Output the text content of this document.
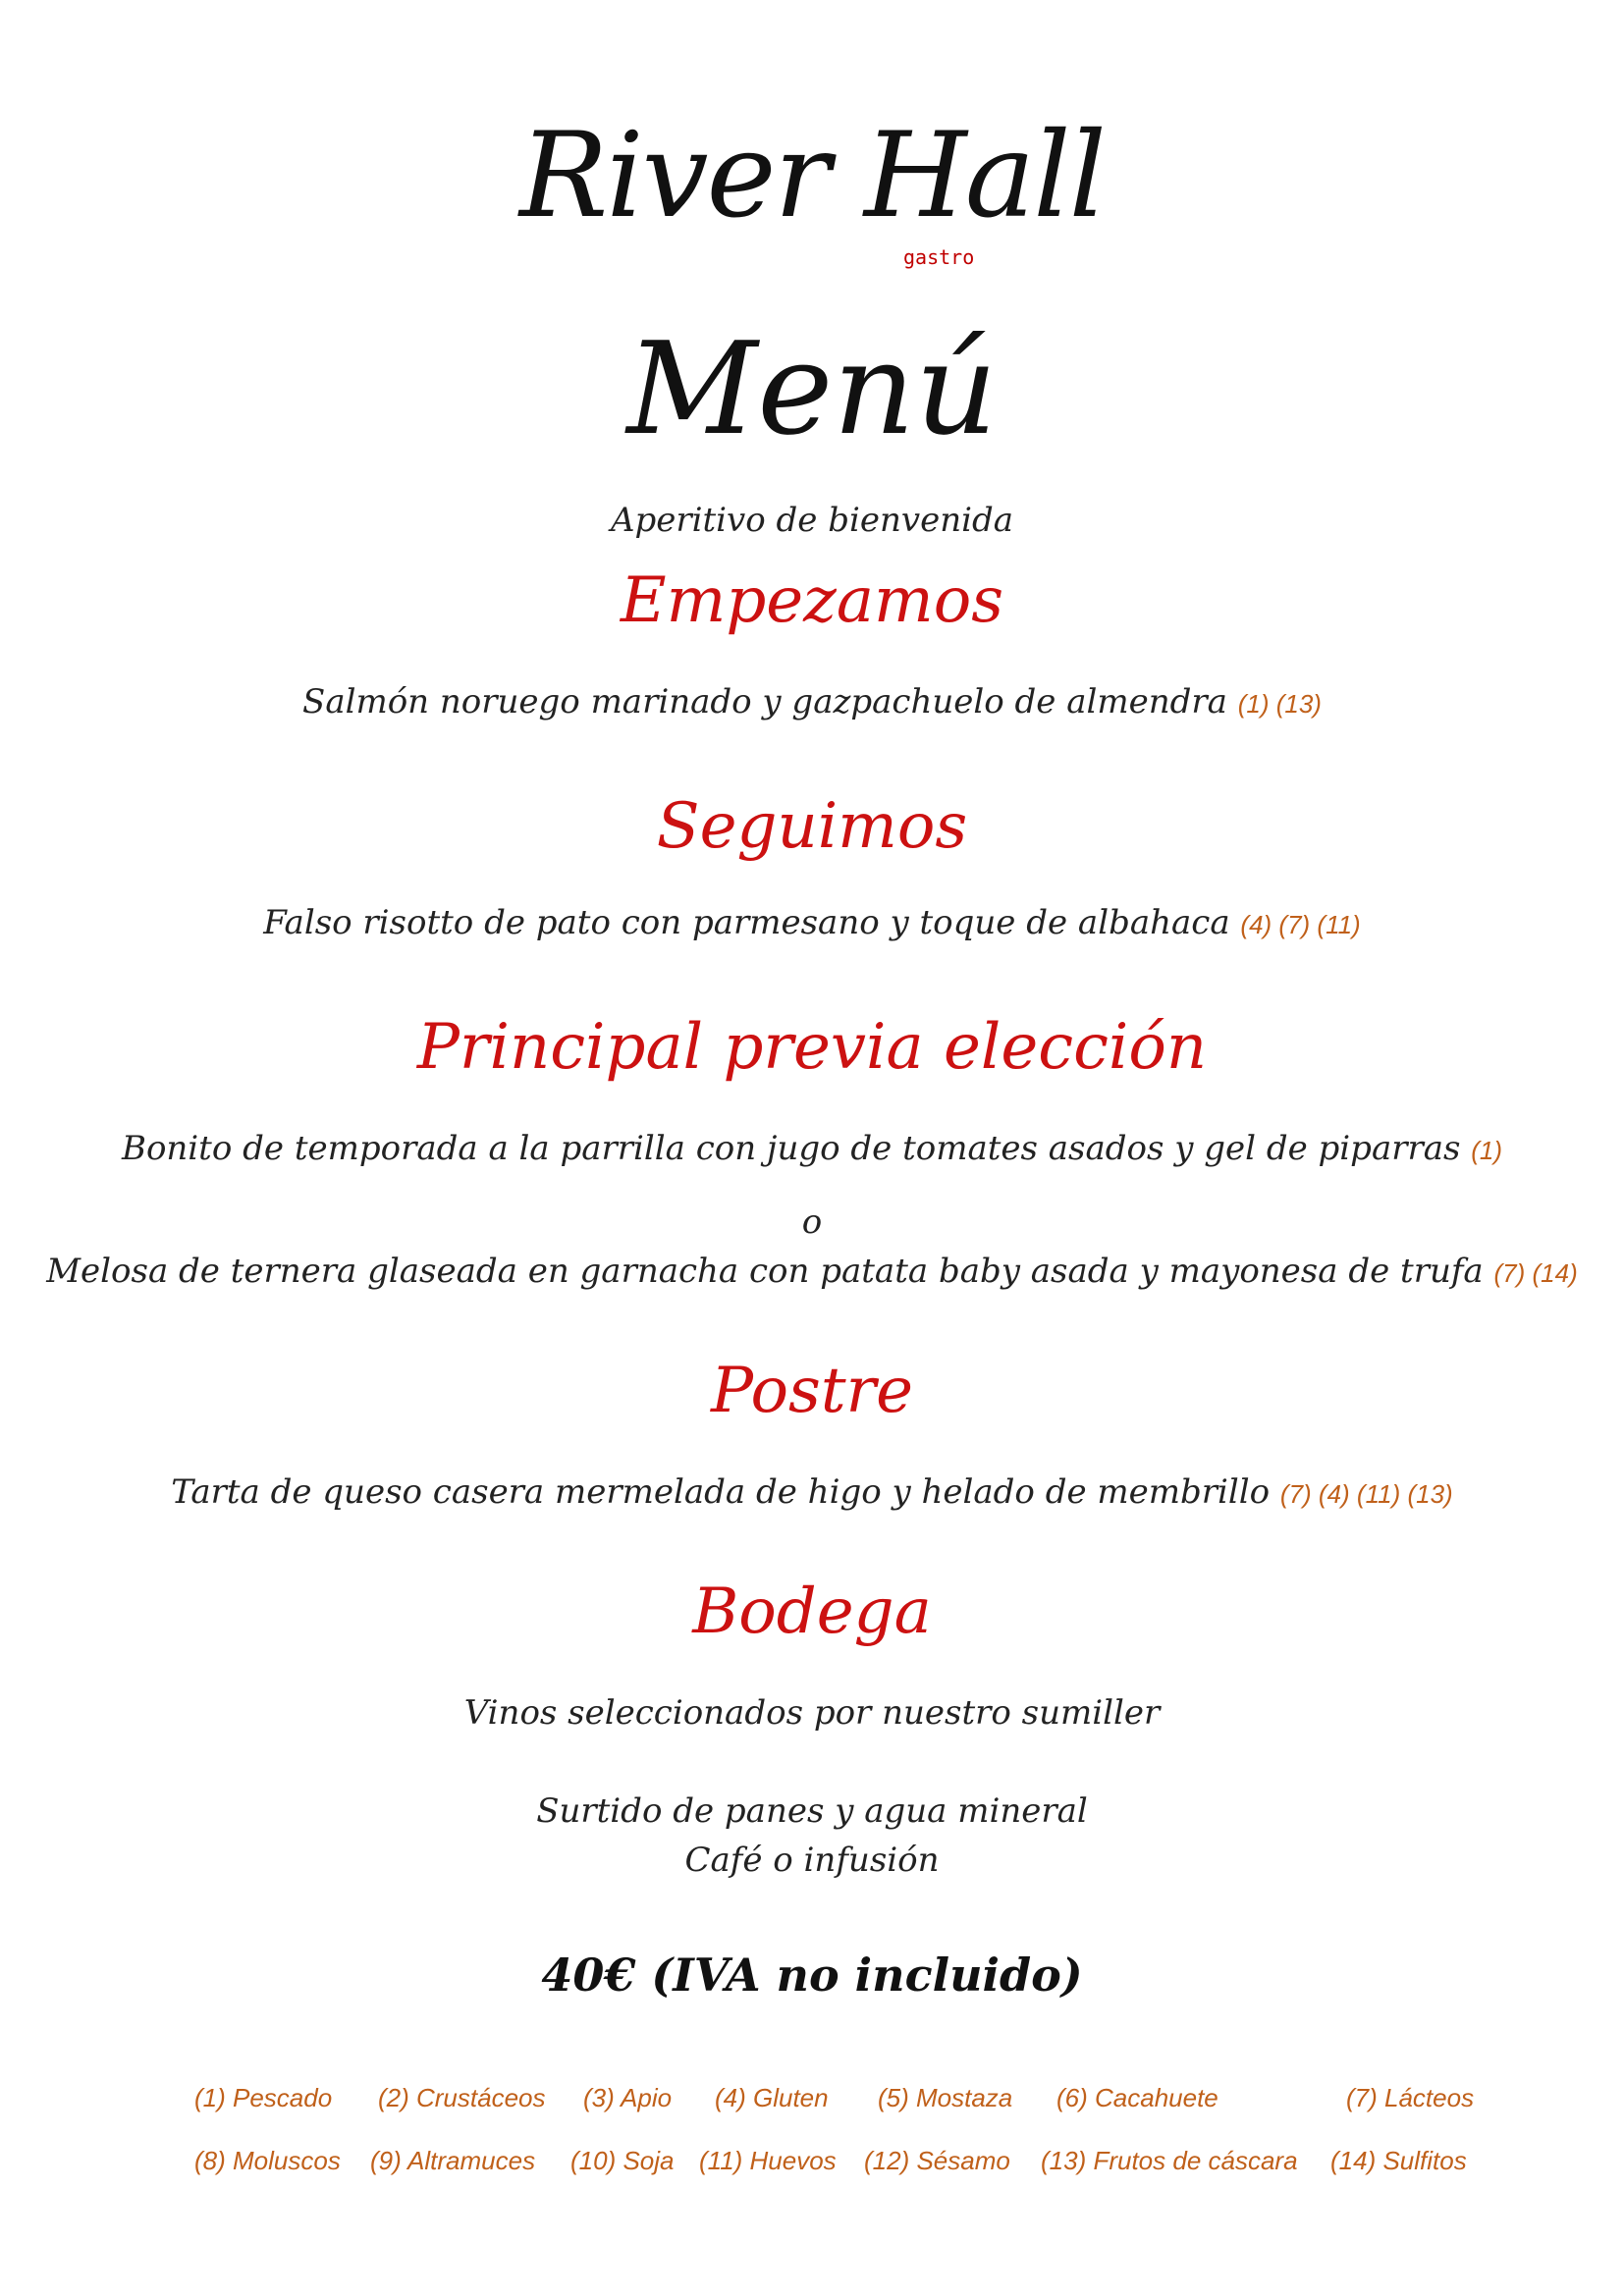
River Hall
gastro
Menú
Aperitivo de bienvenida
Empezamos
Salmón noruego marinado y gazpachuelo de almendra (1) (13)
Seguimos
Falso risotto de pato con parmesano y toque de albahaca (4) (7) (11)
Principal previa elección
Bonito de temporada a la parrilla con jugo de tomates asados y gel de piparras (1)
o
Melosa de ternera glaseada en garnacha con patata baby asada y mayonesa de trufa (7) (14)
Postre
Tarta de queso casera mermelada de higo y helado de membrillo (7) (4) (11) (13)
Bodega
Vinos seleccionados por nuestro sumiller
Surtido de panes y agua mineral
Café o infusión
40€ (IVA no incluido)
(1) Pescado (2) Crustáceos (3) Apio (4) Gluten (5) Mostaza (6) Cacahuete	(7) Lácteos
(8) Moluscos (9) Altramuces (10) Soja (11) Huevos (12) Sésamo (13) Frutos de cáscara (14) Sulfitos
